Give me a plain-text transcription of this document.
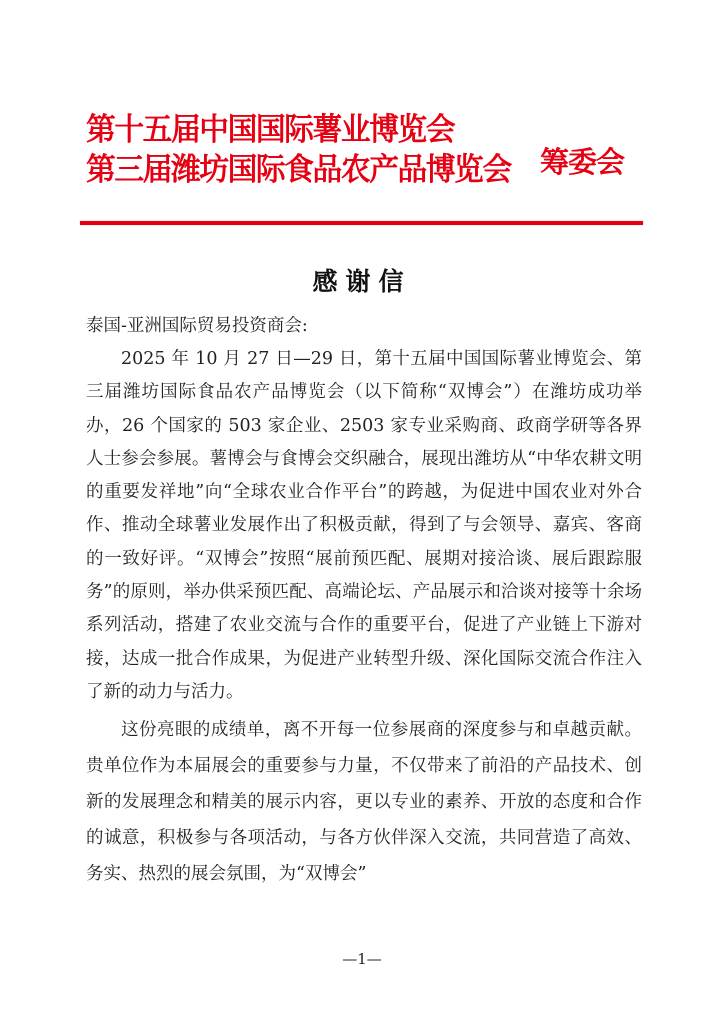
第十五届中国国际薯业博览会
第三届潍坊国际食品农产品博览会 筹委会
感谢信

泰国-亚洲国际贸易投资商会:

2025 年 10 月 27 日—29 日，第十五届中国国际薯业博览会、第三届潍坊国际食品农产品博览会（以下简称“双博会”）在潍坊成功举办，26 个国家的 503 家企业、2503 家专业采购商、政商学研等各界人士参会参展。薯博会与食博会交织融合，展现出潍坊从“中华农耕文明的重要发祥地”向“全球农业合作平台”的跨越，为促进中国农业对外合作、推动全球薯业发展作出了积极贡献，得到了与会领导、嘉宾、客商的一致好评。“双博会”按照“展前预匹配、展期对接洽谈、展后跟踪服务”的原则，举办供采预匹配、高端论坛、产品展示和洽谈对接等十余场系列活动，搭建了农业交流与合作的重要平台，促进了产业链上下游对接，达成一批合作成果，为促进产业转型升级、深化国际交流合作注入了新的动力与活力。

这份亮眼的成绩单，离不开每一位参展商的深度参与和卓越贡献。贵单位作为本届展会的重要参与力量，不仅带来了前沿的产品技术、创新的发展理念和精美的展示内容，更以专业的素养、开放的态度和合作的诚意，积极参与各项活动，与各方伙伴深入交流，共同营造了高效、务实、热烈的展会氛围，为“双博会”

—1—
